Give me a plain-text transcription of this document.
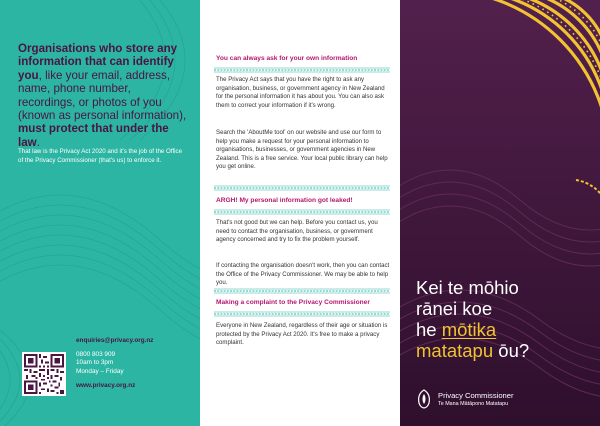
Organisations who store any information that can identify you, like your email, address, name, phone number, recordings, or photos of you (known as personal information), must protect that under the law.

That law is the Privacy Act 2020 and it's the job of the Office of the Privacy Commissioner (that's us) to enforce it.

enquiries@privacy.org.nz
0800 803 909
10am to 3pm
Monday – Friday
www.privacy.org.nz
You can always ask for your own information

The Privacy Act says that you have the right to ask any organisation, business, or government agency in New Zealand for the personal information it has about you. You can also ask them to correct your information if it's wrong.

Search the 'AboutMe tool' on our website and use our form to help you make a request for your personal information to organisations, businesses, or government agencies in New Zealand. This is a free service. Your local public library can help you get online.

ARGH! My personal information got leaked!

That's not good but we can help. Before you contact us, you need to contact the organisation, business, or government agency concerned and try to fix the problem yourself.

If contacting the organisation doesn't work, then you can contact the Office of the Privacy Commissioner. We may be able to help you.

Making a complaint to the Privacy Commissioner

Everyone in New Zealand, regardless of their age or situation is protected by the Privacy Act 2020. It's free to make a privacy complaint.

Kei te mōhio
rānei koe
he mōtika
matatapu ōu?
Privacy Commissioner
Te Mana Mātāpono Matatapu
